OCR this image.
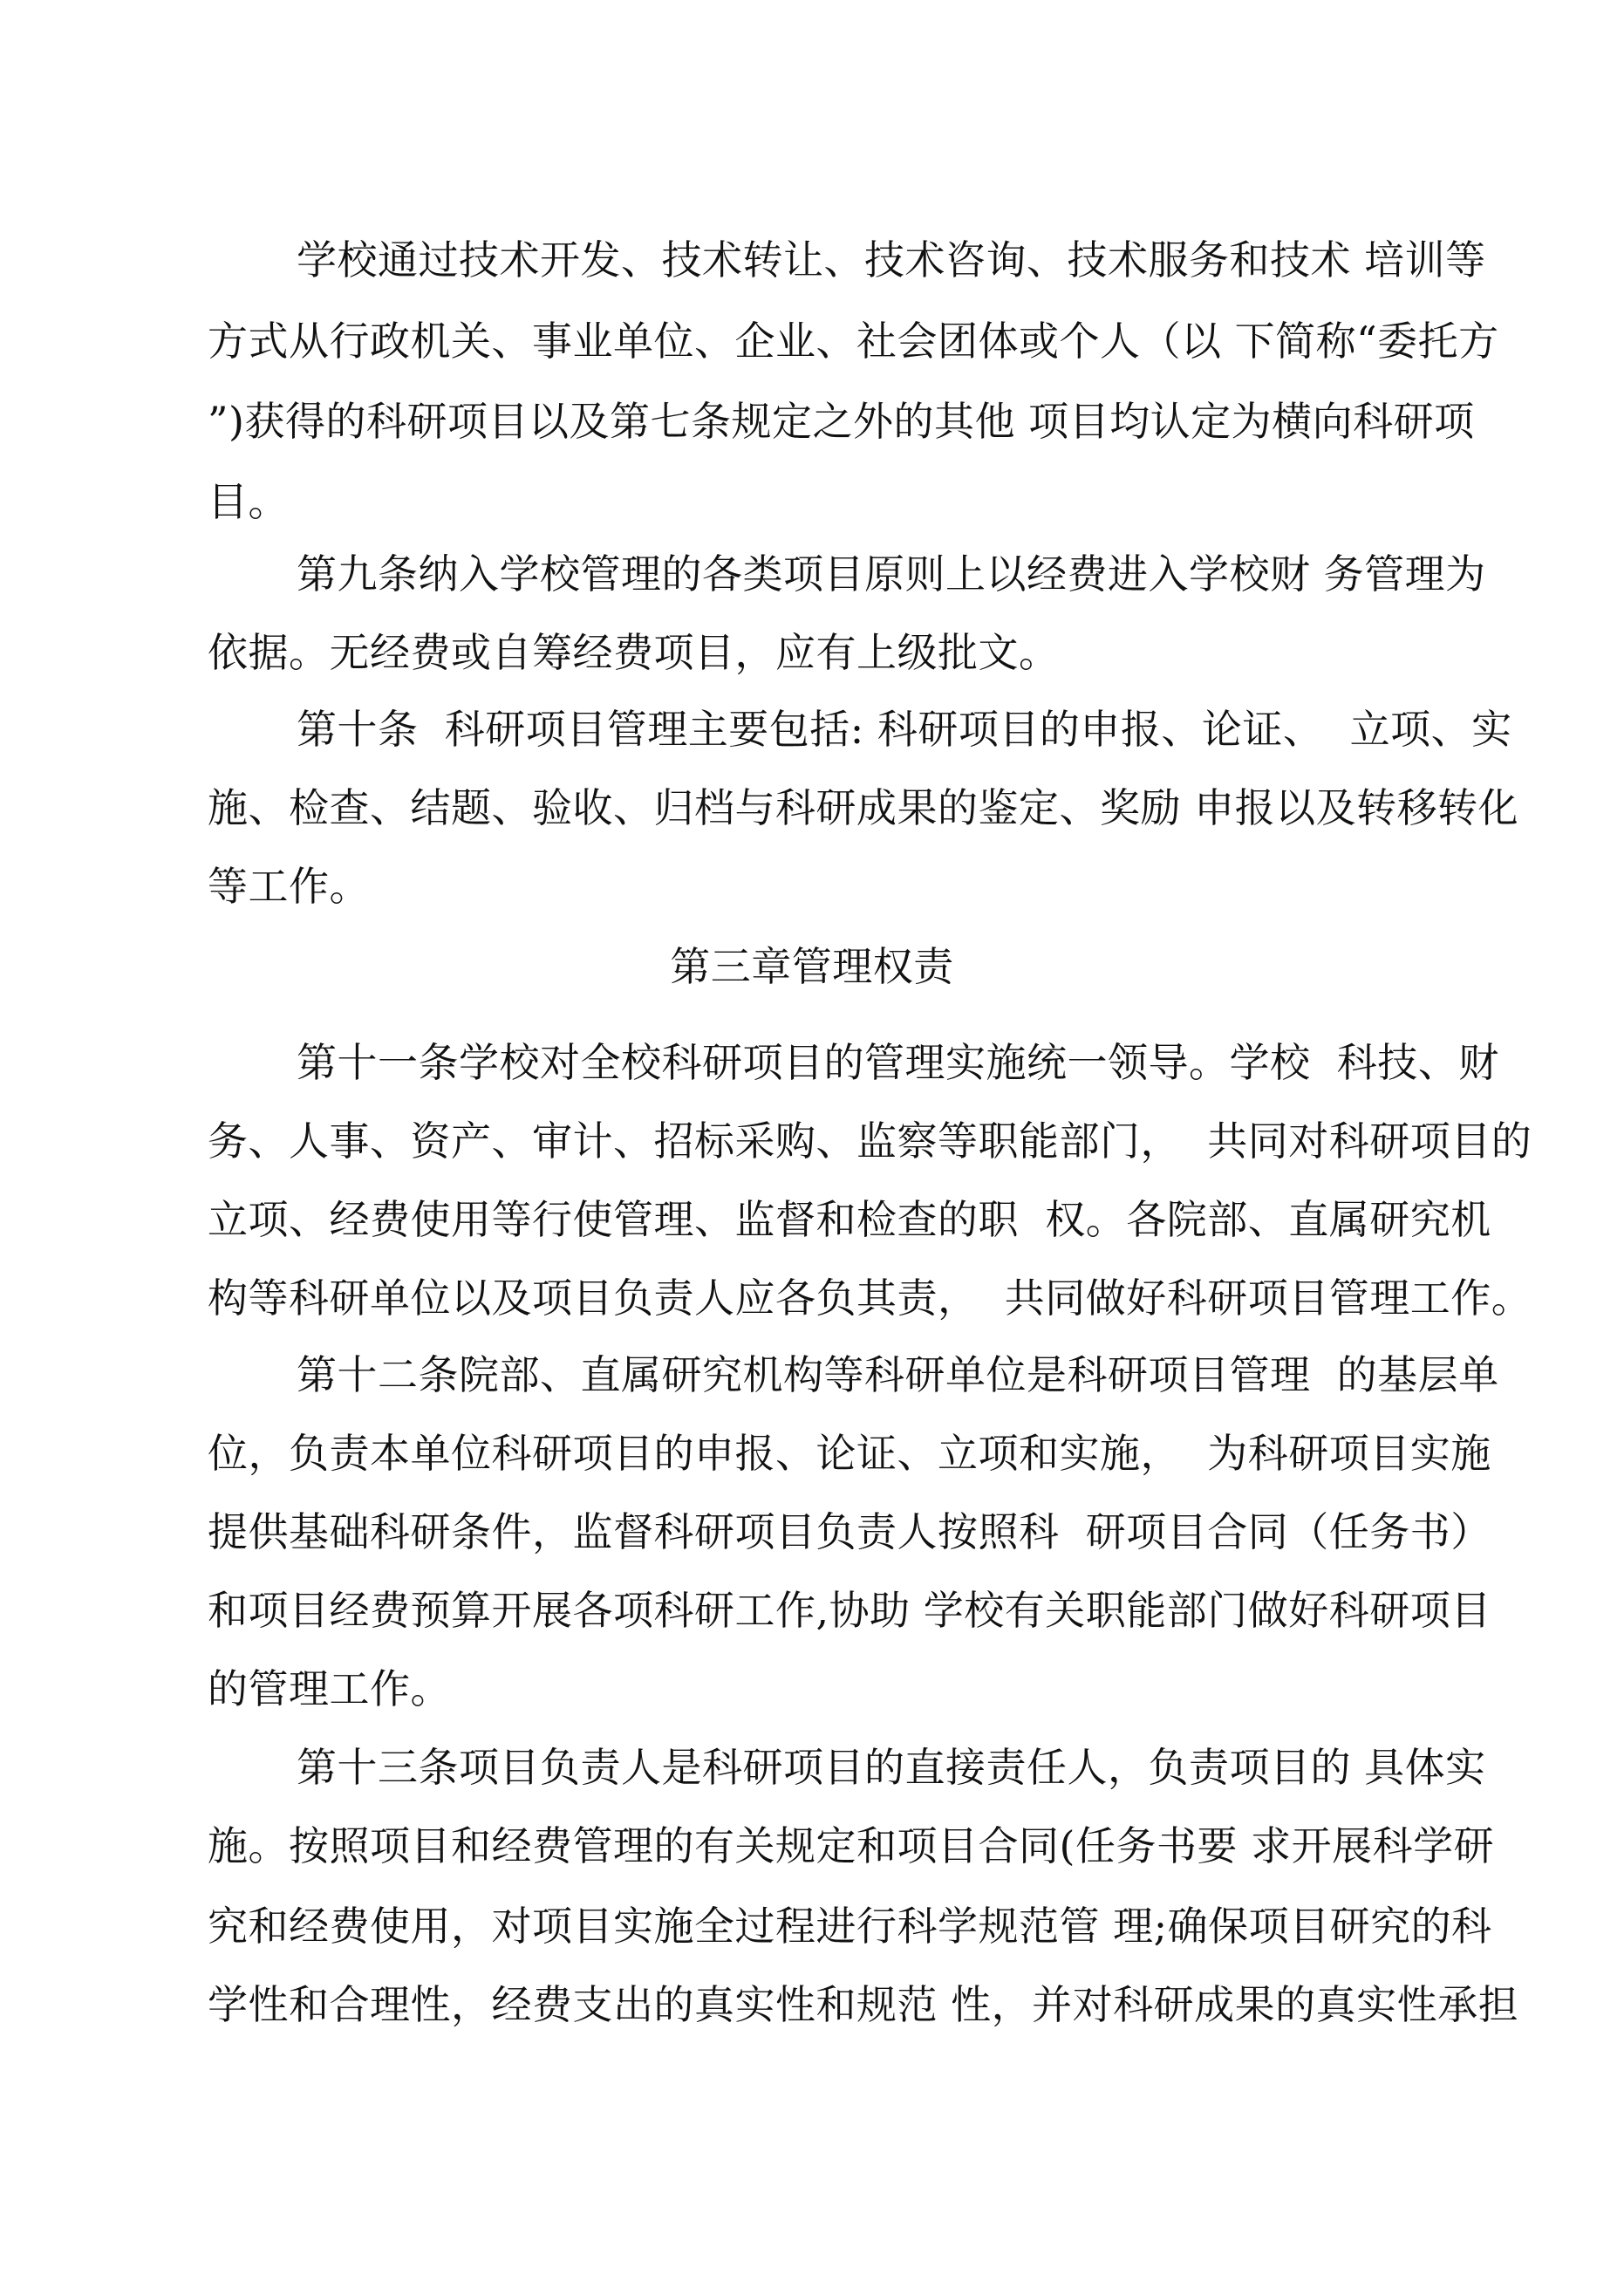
学校通过技术开发、技术转让、技术咨询、技术服务和技术 培训等
方式从行政机关、事业单位、企业、社会团体或个人（以 下简称“委托方
”)获得的科研项目以及第七条规定之外的其他 项目均认定为横向科研项
目。
第九条纳入学校管理的各类项目原则上以经费进入学校财 务管理为
依据。无经费或自筹经费项目，应有上级批文。
第十条  科研项目管理主要包括: 科研项目的申报、论证、  立项、实
施、检查、结题、验收、归档与科研成果的鉴定、奖励 申报以及转移转化
等工作。
第三章管理权责
第十一条学校对全校科研项目的管理实施统一领导。学校  科技、财
务、人事、资产、审计、招标采购、监察等职能部门，  共同对科研项目的
立项、经费使用等行使管理、监督和检查的职  权。各院部、直属研究机
构等科研单位以及项目负责人应各负其责，  共同做好科研项目管理工作。
第十二条院部、直属研究机构等科研单位是科研项目管理  的基层单
位，负责本单位科研项目的申报、论证、立项和实施，  为科研项目实施
提供基础科研条件，监督科研项目负责人按照科  研项目合同（任务书）
和项目经费预算开展各项科研工作,协助 学校有关职能部门做好科研项目
的管理工作。
第十三条项目负责人是科研项目的直接责任人，负责项目的 具体实
施。按照项目和经费管理的有关规定和项目合同(任务书要 求开展科学研
究和经费使用，对项目实施全过程进行科学规范管 理;确保项目研究的科
学性和合理性，经费支出的真实性和规范 性，并对科研成果的真实性承担
